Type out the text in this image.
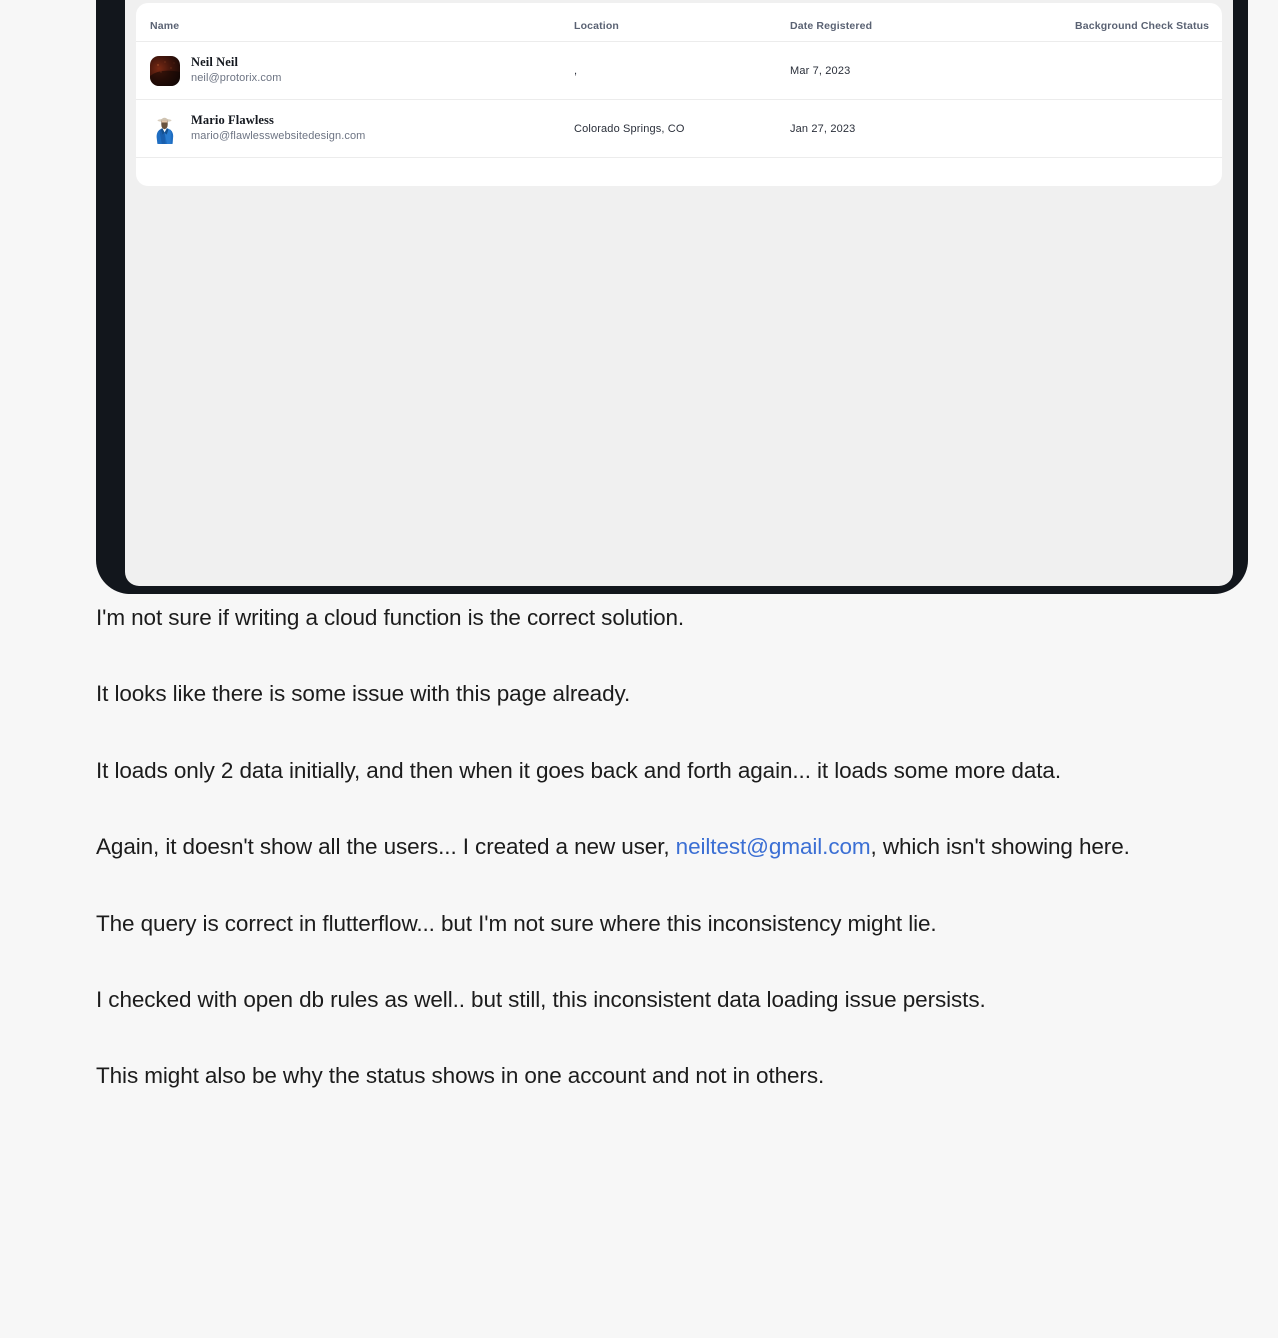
Name	Location	Date Registered	Background Check Status
Neil Neil
neil@protorix.com
,	Mar 7, 2023
Mario Flawless
mario@flawlesswebsitedesign.com
Colorado Springs, CO	Jan 27, 2023

I'm not sure if writing a cloud function is the correct solution.

It looks like there is some issue with this page already.

It loads only 2 data initially, and then when it goes back and forth again... it loads some more data.

Again, it doesn't show all the users... I created a new user, neiltest@gmail.com, which isn't showing here.

The query is correct in flutterflow... but I'm not sure where this inconsistency might lie.

I checked with open db rules as well.. but still, this inconsistent data loading issue persists.

This might also be why the status shows in one account and not in others.
